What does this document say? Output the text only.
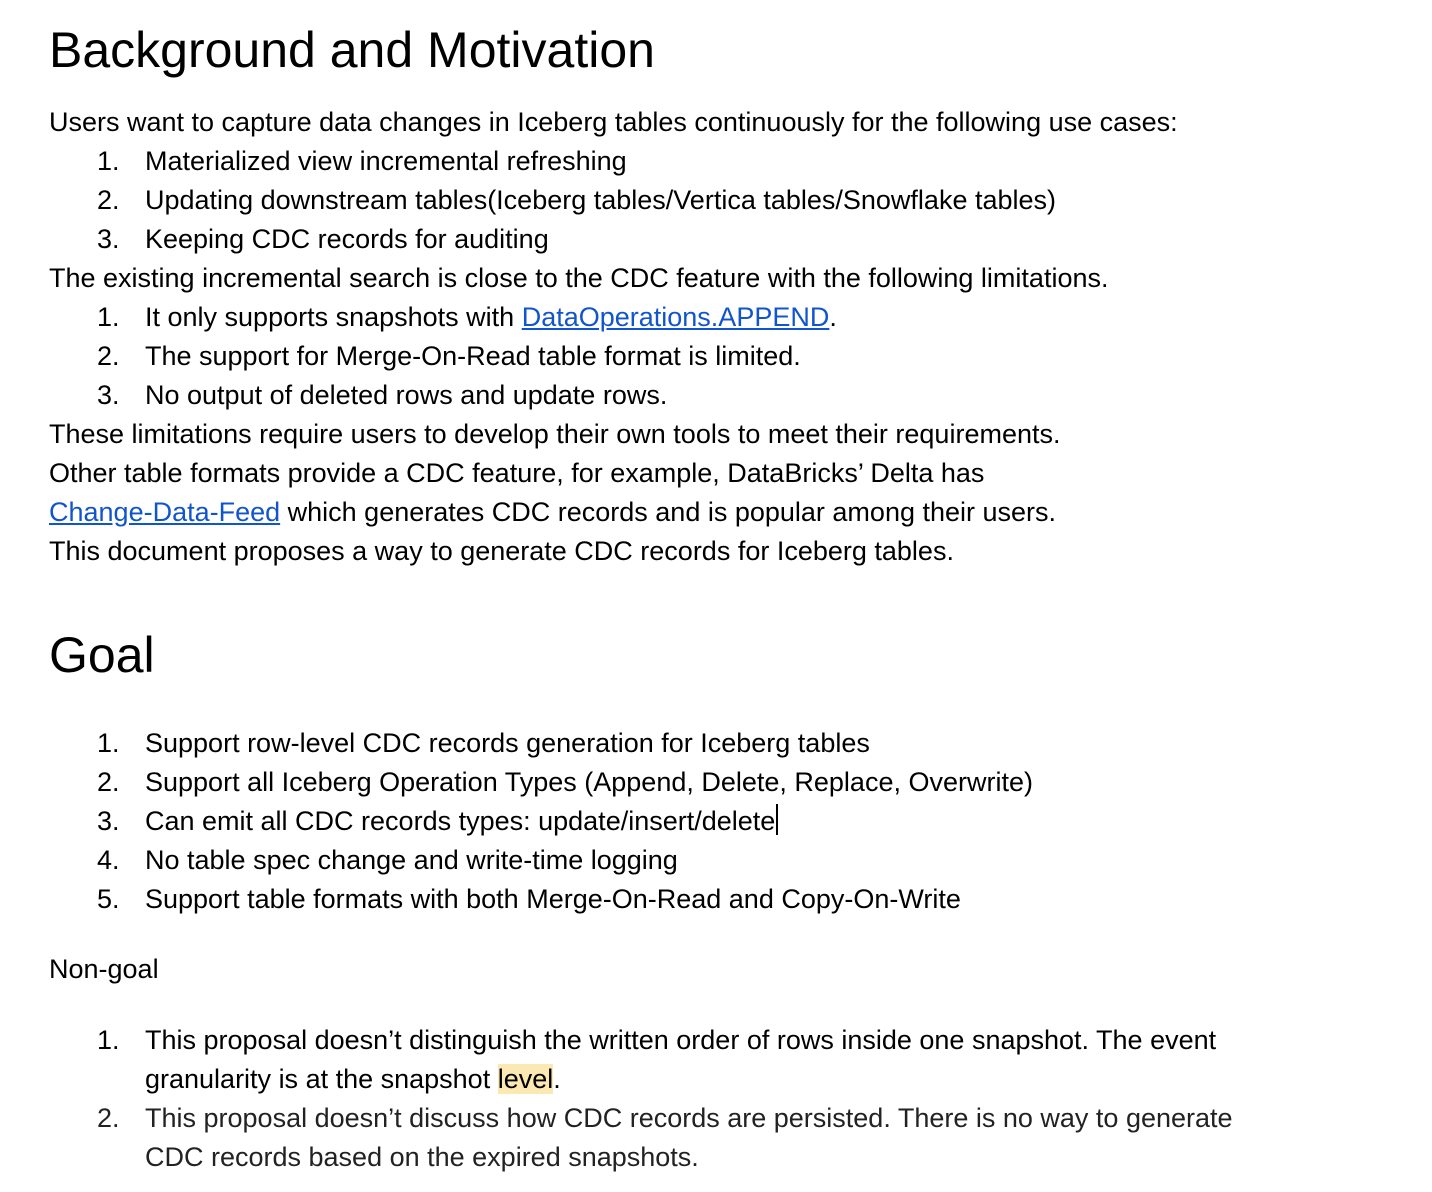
Background and Motivation

Users want to capture data changes in Iceberg tables continuously for the following use cases:

1. Materialized view incremental refreshing
2. Updating downstream tables(Iceberg tables/Vertica tables/Snowflake tables)
3. Keeping CDC records for auditing

The existing incremental search is close to the CDC feature with the following limitations.

1. It only supports snapshots with DataOperations.APPEND.
2. The support for Merge-On-Read table format is limited.
3. No output of deleted rows and update rows.

These limitations require users to develop their own tools to meet their requirements.

Other table formats provide a CDC feature, for example, DataBricks’ Delta has

Change-Data-Feed which generates CDC records and is popular among their users.

This document proposes a way to generate CDC records for Iceberg tables.

Goal
1. Support row-level CDC records generation for Iceberg tables
2. Support all Iceberg Operation Types (Append, Delete, Replace, Overwrite)
3. Can emit all CDC records types: update/insert/delete
4. No table spec change and write-time logging
5. Support table formats with both Merge-On-Read and Copy-On-Write

Non-goal

1. This proposal doesn’t distinguish the written order of rows inside one snapshot. The event granularity is at the snapshot level.
2. This proposal doesn’t discuss how CDC records are persisted. There is no way to generate CDC records based on the expired snapshots.
